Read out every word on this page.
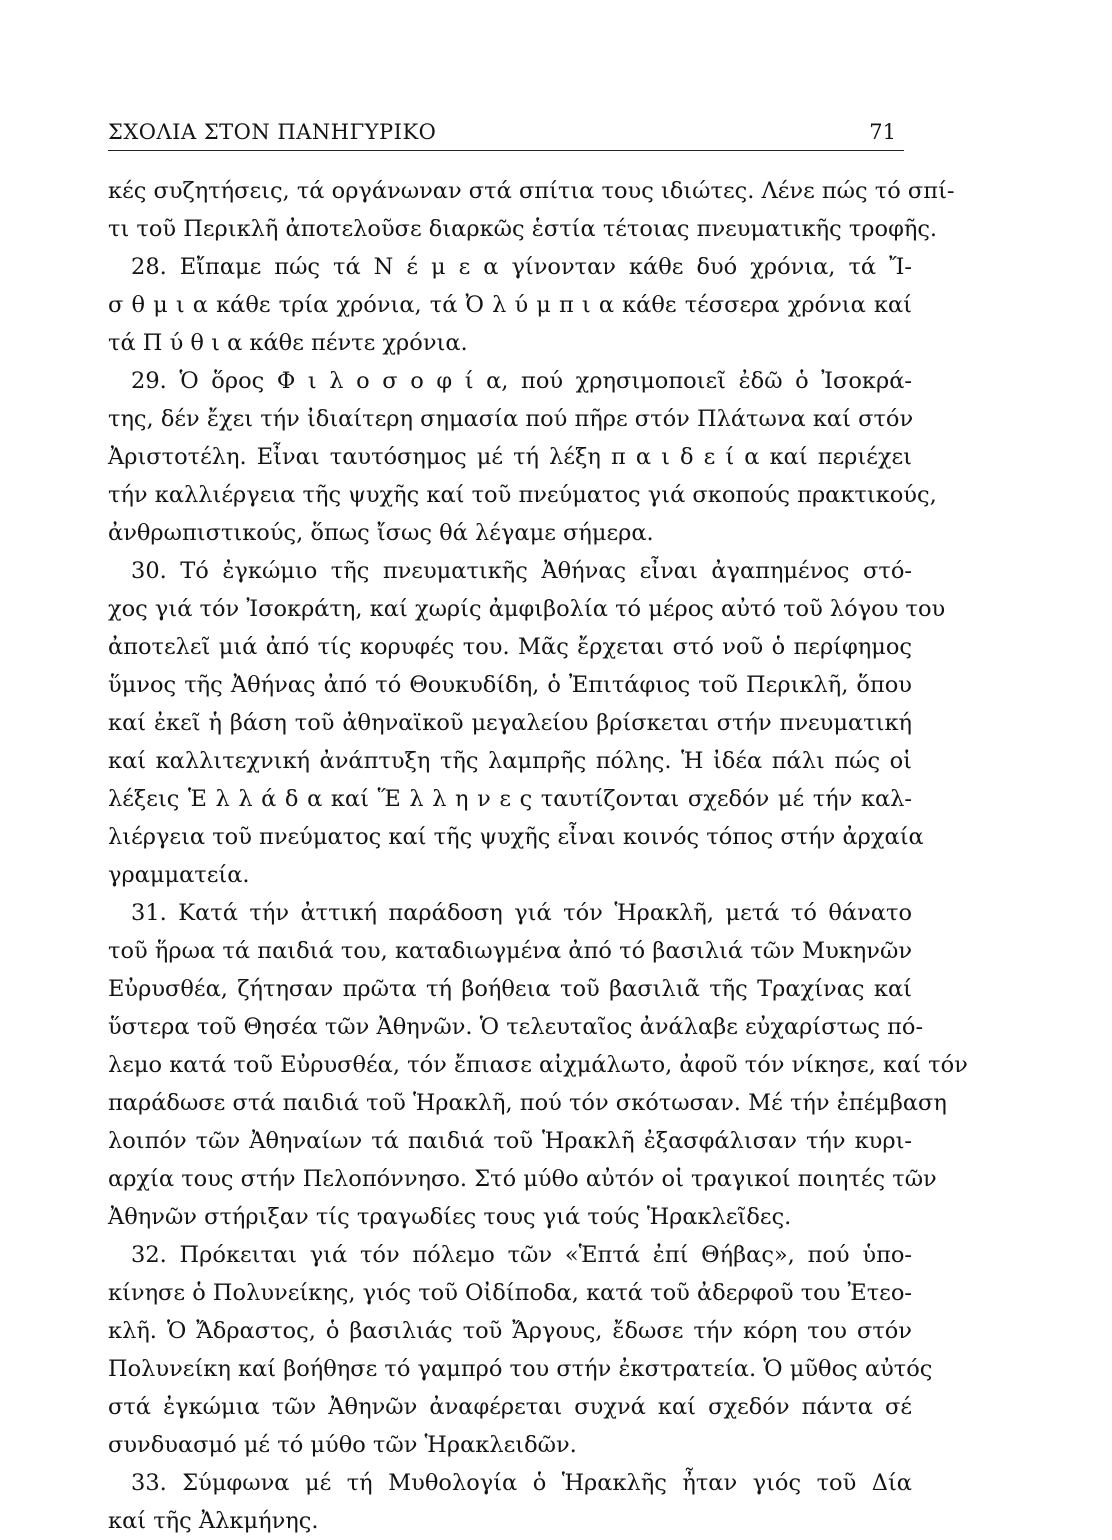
ΣΧΟΛΙΑ ΣΤΟΝ ΠΑΝΗΓΥΡΙΚΟ	71
κές συζητήσεις, τά οργάνωναν στά σπίτια τους ιδιώτες. Λένε πώς τό σπί-
τι τοῦ Περικλῆ ἀποτελοῦσε διαρκῶς ἑστία τέτοιας πνευματικῆς τροφῆς.
28. Εἴπαμε πώς τά Ν έ μ ε α γίνονταν κάθε δυό χρόνια, τά Ἴ-
σ θ μ ι α κάθε τρία χρόνια, τά Ὀ λ ύ μ π ι α κάθε τέσσερα χρόνια καί
τά Π ύ θ ι α κάθε πέντε χρόνια.
29. Ὁ ὅρος Φ ι λ ο σ ο φ ί α, πού χρησιμοποιεῖ ἐδῶ ὁ Ἰσοκρά-
της, δέν ἔχει τήν ἰδιαίτερη σημασία πού πῆρε στόν Πλάτωνα καί στόν
Ἀριστοτέλη. Εἶναι ταυτόσημος μέ τή λέξη π α ι δ ε ί α καί περιέχει
τήν καλλιέργεια τῆς ψυχῆς καί τοῦ πνεύματος γιά σκοπούς πρακτικούς,
ἀνθρωπιστικούς, ὅπως ἴσως θά λέγαμε σήμερα.
30. Τό ἐγκώμιο τῆς πνευματικῆς Ἀθήνας εἶναι ἀγαπημένος στό-
χος γιά τόν Ἰσοκράτη, καί χωρίς ἀμφιβολία τό μέρος αὐτό τοῦ λόγου του
ἀποτελεῖ μιά ἀπό τίς κορυφές του. Μᾶς ἔρχεται στό νοῦ ὁ περίφημος
ὕμνος τῆς Ἀθήνας ἀπό τό Θουκυδίδη, ὁ Ἐπιτάφιος τοῦ Περικλῆ, ὅπου
καί ἐκεῖ ἡ βάση τοῦ ἀθηναϊκοῦ μεγαλείου βρίσκεται στήν πνευματική
καί καλλιτεχνική ἀνάπτυξη τῆς λαμπρῆς πόλης. Ἡ ἰδέα πάλι πώς οἱ
λέξεις Ἑ λ λ ά δ α καί Ἕ λ λ η ν ε ς ταυτίζονται σχεδόν μέ τήν καλ-
λιέργεια τοῦ πνεύματος καί τῆς ψυχῆς εἶναι κοινός τόπος στήν ἀρχαία
γραμματεία.
31. Κατά τήν ἀττική παράδοση γιά τόν Ἡρακλῆ, μετά τό θάνατο
τοῦ ἥρωα τά παιδιά του, καταδιωγμένα ἀπό τό βασιλιά τῶν Μυκηνῶν
Εὐρυσθέα, ζήτησαν πρῶτα τή βοήθεια τοῦ βασιλιᾶ τῆς Τραχίνας καί
ὕστερα τοῦ Θησέα τῶν Ἀθηνῶν. Ὁ τελευταῖος ἀνάλαβε εὐχαρίστως πό-
λεμο κατά τοῦ Εὐρυσθέα, τόν ἔπιασε αἰχμάλωτο, ἀφοῦ τόν νίκησε, καί τόν
παράδωσε στά παιδιά τοῦ Ἡρακλῆ, πού τόν σκότωσαν. Μέ τήν ἐπέμβαση
λοιπόν τῶν Ἀθηναίων τά παιδιά τοῦ Ἡρακλῆ ἐξασφάλισαν τήν κυρι-
αρχία τους στήν Πελοπόννησο. Στό μύθο αὐτόν οἱ τραγικοί ποιητές τῶν
Ἀθηνῶν στήριξαν τίς τραγωδίες τους γιά τούς Ἡρακλεῖδες.
32. Πρόκειται γιά τόν πόλεμο τῶν «Ἑπτά ἐπί Θήβας», πού ὑπο-
κίνησε ὁ Πολυνείκης, γιός τοῦ Οἰδίποδα, κατά τοῦ ἀδερφοῦ του Ἐτεο-
κλῆ. Ὁ Ἄδραστος, ὁ βασιλιάς τοῦ Ἄργους, ἔδωσε τήν κόρη του στόν
Πολυνείκη καί βοήθησε τό γαμπρό του στήν ἐκστρατεία. Ὁ μῦθος αὐτός
στά ἐγκώμια τῶν Ἀθηνῶν ἀναφέρεται συχνά καί σχεδόν πάντα σέ
συνδυασμό μέ τό μύθο τῶν Ἡρακλειδῶν.
33. Σύμφωνα μέ τή Μυθολογία ὁ Ἡρακλῆς ἦταν γιός τοῦ Δία
καί τῆς Ἀλκμήνης.
